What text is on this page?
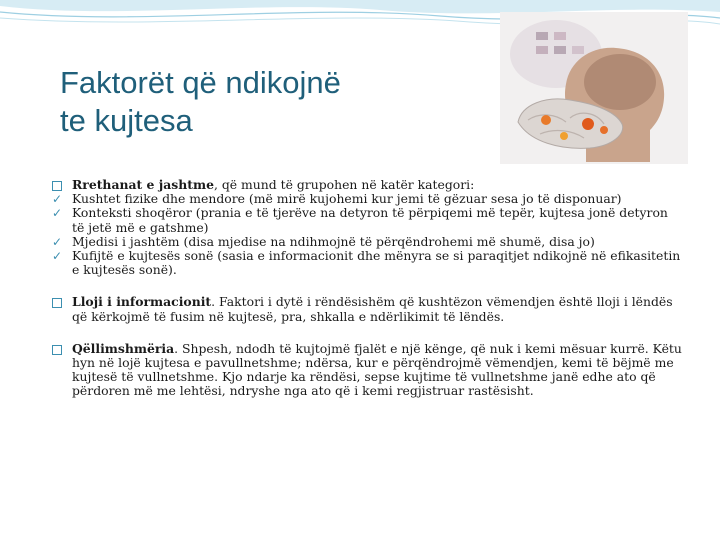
Faktorët që ndikojnë
te kujtesa
Rrethanat e jashtme, që mund të grupohen në katër kategori:
✓ Kushtet fizike dhe mendore (më mirë kujohemi kur jemi të gëzuar sesa jo të disponuar)
✓ Konteksti shoqëror (prania e të tjerëve na detyron të përpiqemi më tepër, kujtesa jonë detyron të jetë më e gatshme)
✓ Mjedisi i jashtëm (disa mjedise na ndihmojnë të përqëndrohemi më shumë, disa jo)
✓ Kufijtë e kujtesës sonë (sasia e informacionit dhe mënyra se si paraqitjet ndikojnë në efikasitetin e kujtesës sonë).
Lloji i informacionit. Faktori i dytë i rëndësishëm që kushtëzon vëmendjen është lloji i lëndës që kërkojmë të fusim në kujtesë, pra, shkalla e ndërlikimit të lëndës.
Qëllimshmëria. Shpesh, ndodh të kujtojmë fjalët e një kënge, që nuk i kemi mësuar kurrë. Këtu hyn në lojë kujtesa e pavullnetshme; ndërsa, kur e përqëndrojmë vëmendjen, kemi të bëjmë me kujtesë të vullnetshme. Kjo ndarje ka rëndësi, sepse kujtime të vullnetshme janë edhe ato që përdoren më me lehtësi, ndryshe nga ato që i kemi regjistruar rastësisht.
